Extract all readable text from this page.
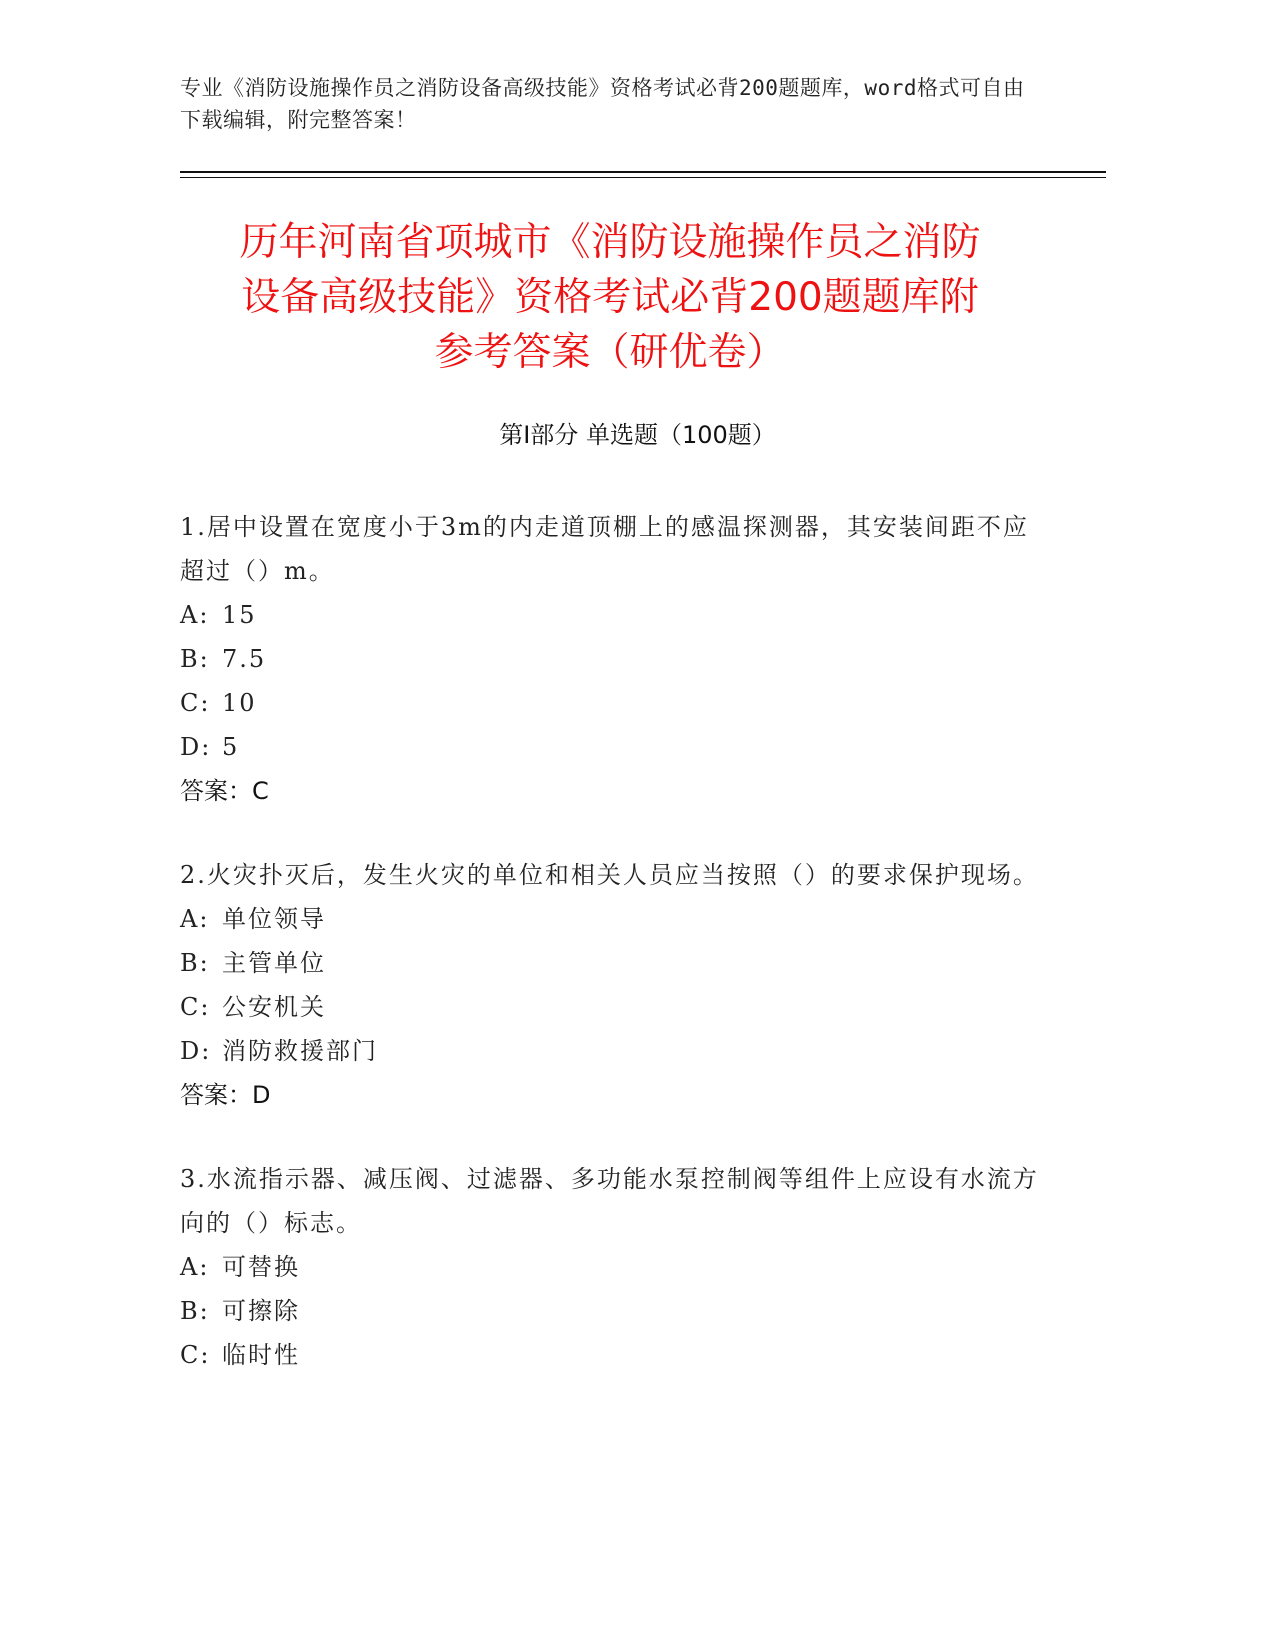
专业《消防设施操作员之消防设备高级技能》资格考试必背200题题库，word格式可自由下载编辑，附完整答案！
历年河南省项城市《消防设施操作员之消防
设备高级技能》资格考试必背200题题库附
参考答案（研优卷）
第Ⅰ部分 单选题（100题）
1.居中设置在宽度小于3m的内走道顶棚上的感温探测器，其安装间距不应超过（）m。
A: 15
B: 7.5
C: 10
D: 5
答案：C
2.火灾扑灭后，发生火灾的单位和相关人员应当按照（）的要求保护现场。
A: 单位领导
B: 主管单位
C: 公安机关
D: 消防救援部门
答案：D
3.水流指示器、减压阀、过滤器、多功能水泵控制阀等组件上应设有水流方向的（）标志。
A: 可替换
B: 可擦除
C: 临时性
